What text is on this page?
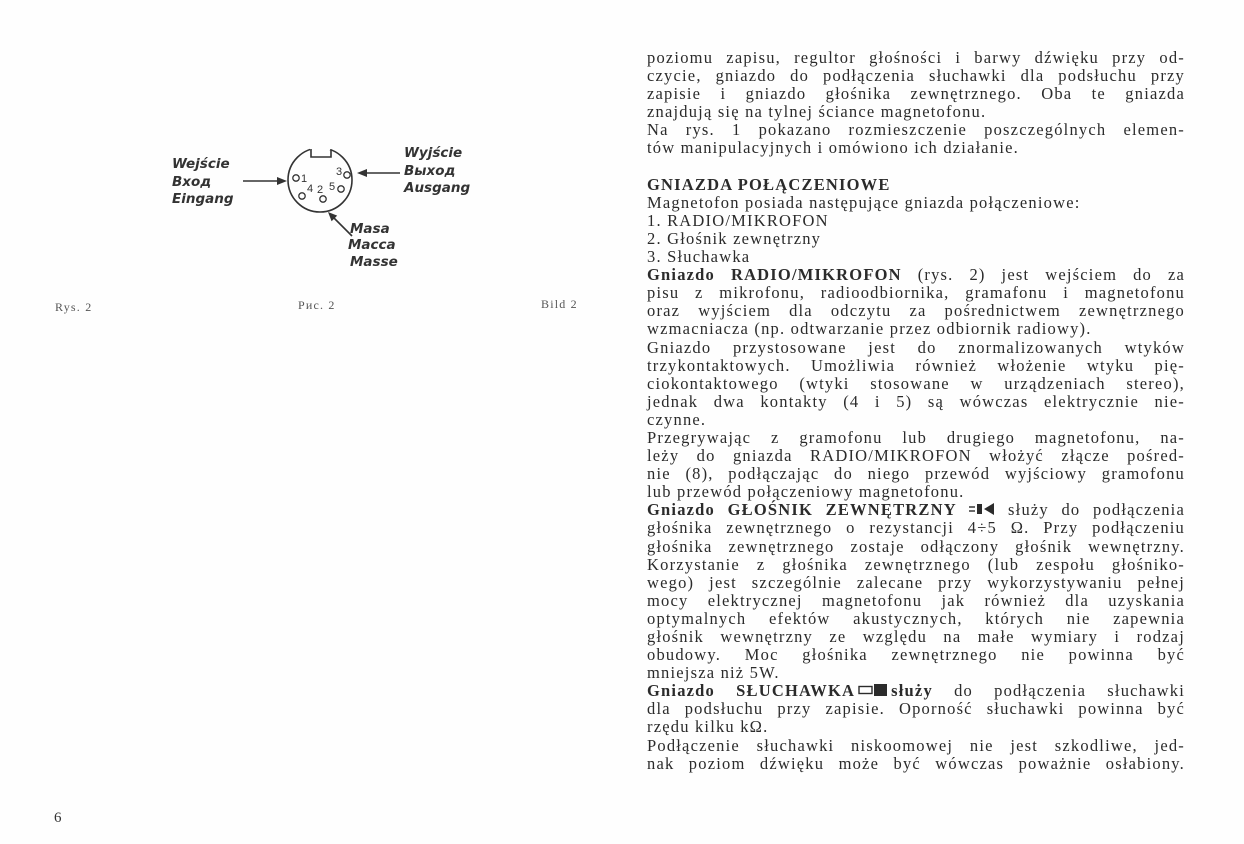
1
3
4 2 5
Wejście
Вход
Eingang
Wyjście
Выход
Ausgang
Masa
Масса
Masse
Rys. 2	Рис. 2	Bild 2
6
poziomu zapisu, regultor głośności i barwy dźwięku przy od-
czycie, gniazdo do podłączenia słuchawki dla podsłuchu przy
zapisie i gniazdo głośnika zewnętrznego. Oba te gniazda
znajdują się na tylnej ściance magnetofonu.
Na rys. 1 pokazano rozmieszczenie poszczególnych elemen-
tów manipulacyjnych i omówiono ich działanie.
GNIAZDA POŁĄCZENIOWE
Magnetofon posiada następujące gniazda połączeniowe:
1. RADIO/MIKROFON
2. Głośnik zewnętrzny
3. Słuchawka
Gniazdo RADIO/MIKROFON (rys. 2) jest wejściem do za
pisu z mikrofonu, radioodbiornika, gramafonu i magnetofonu
oraz wyjściem dla odczytu za pośrednictwem zewnętrznego
wzmacniacza (np. odtwarzanie przez odbiornik radiowy).
Gniazdo przystosowane jest do znormalizowanych wtyków
trzykontaktowych. Umożliwia również włożenie wtyku pię-
ciokontaktowego (wtyki stosowane w urządzeniach stereo),
jednak dwa kontakty (4 i 5) są wówczas elektrycznie nie-
czynne.
Przegrywając z gramofonu lub drugiego magnetofonu, na-
leży do gniazda RADIO/MIKROFON włożyć złącze pośred-
nie (8), podłączając do niego przewód wyjściowy gramofonu
lub przewód połączeniowy magnetofonu.
Gniazdo GŁOŚNIK ZEWNĘTRZNY	służy do podłączenia
głośnika zewnętrznego o rezystancji 4÷5 Ω. Przy podłączeniu
głośnika zewnętrznego zostaje odłączony głośnik wewnętrzny.
Korzystanie z głośnika zewnętrznego (lub zespołu głośniko-
wego) jest szczególnie zalecane przy wykorzystywaniu pełnej
mocy elektrycznej magnetofonu jak również dla uzyskania
optymalnych efektów akustycznych, których nie zapewnia
głośnik wewnętrzny ze względu na małe wymiary i rodzaj
obudowy. Moc głośnika zewnętrznego nie powinna być
mniejsza niż 5W.
Gniazdo SŁUCHAWKA służy do podłączenia słuchawki
dla podsłuchu przy zapisie. Oporność słuchawki powinna być
rzędu kilku kΩ.
Podłączenie słuchawki niskoomowej nie jest szkodliwe, jed-
nak poziom dźwięku może być wówczas poważnie osłabiony.
